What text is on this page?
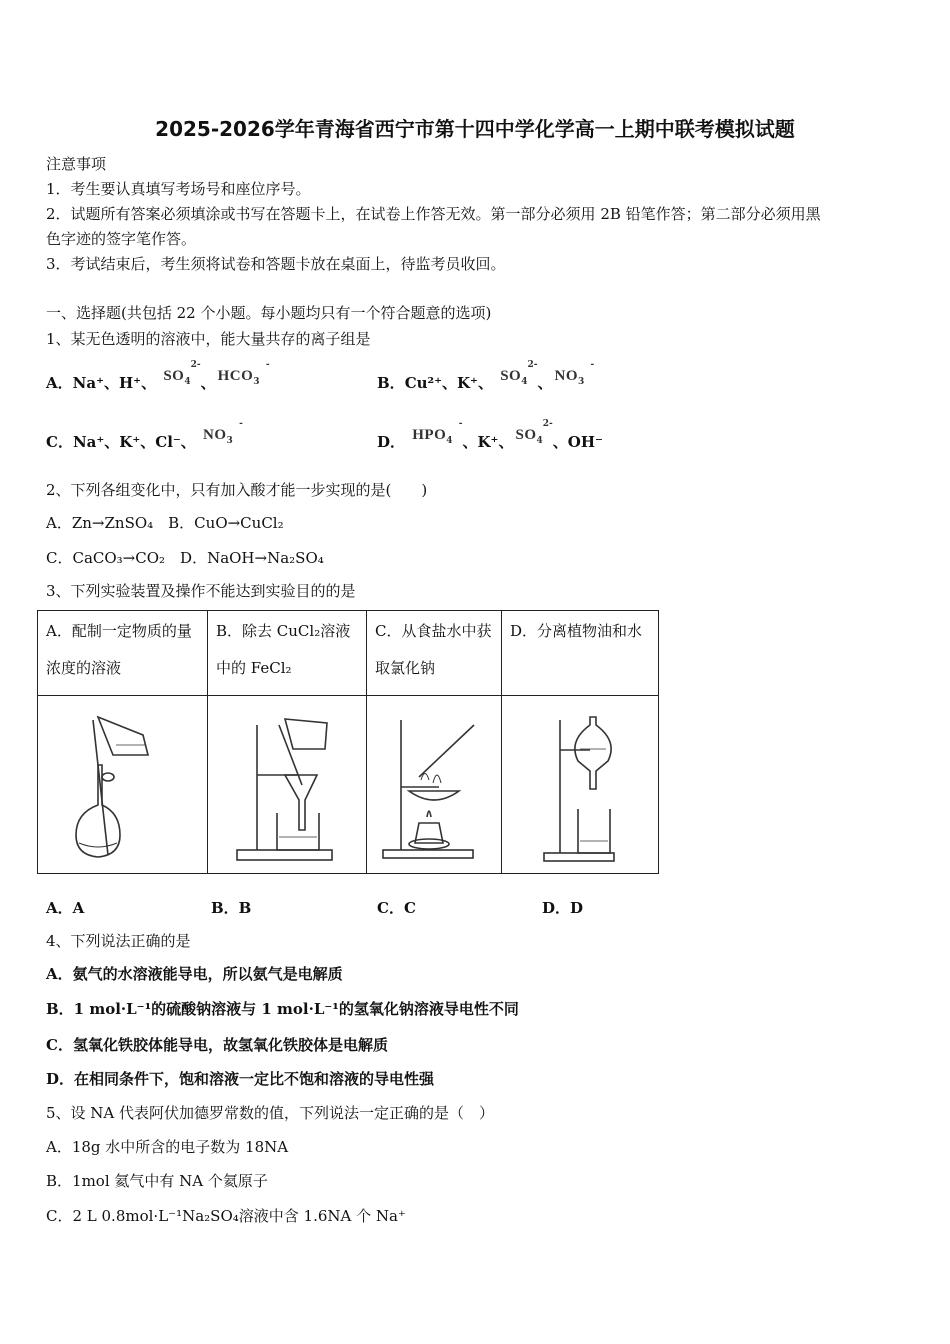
2025-2026学年青海省西宁市第十四中学化学高一上期中联考模拟试题
注意事项
1．考生要认真填写考场号和座位序号。
2．试题所有答案必须填涂或书写在答题卡上，在试卷上作答无效。第一部分必须用 2B 铅笔作答；第二部分必须用黑
色字迹的签字笔作答。
3．考试结束后，考生须将试卷和答题卡放在桌面上，待监考员收回。
一、选择题(共包括 22 个小题。每小题均只有一个符合题意的选项)
1、某无色透明的溶液中，能大量共存的离子组是
A．Na⁺、H⁺、 $SO_4$
2-
、 $HCO_3$
-
B．Cu²⁺、K⁺、 $SO_4$
2-
、 $NO_3$
-
C．Na⁺、K⁺、Cl⁻、 $NO_3$
-
D． $HPO_4$
-
、K⁺、 $SO_4$
2-
、OH⁻
2、下列各组变化中，只有加入酸才能一步实现的是(　　)
A．Zn→ZnSO₄　B．CuO→CuCl₂
C．CaCO₃→CO₂　D．NaOH→Na₂SO₄
3、下列实验装置及操作不能达到实验目的的是
A．配制一定物质的量浓度的溶液	B．除去 CuCl₂溶液中的 FeCl₂	C．从食盐水中获取氯化钠	D．分离植物油和水

A．A	B．B	C．C	D．D
4、下列说法正确的是
A．氨气的水溶液能导电，所以氨气是电解质
B．1 mol·L⁻¹的硫酸钠溶液与 1 mol·L⁻¹的氢氧化钠溶液导电性不同
C．氢氧化铁胶体能导电，故氢氧化铁胶体是电解质
D．在相同条件下，饱和溶液一定比不饱和溶液的导电性强
5、设 NA 代表阿伏加德罗常数的值，下列说法一定正确的是（　）
A．18g 水中所含的电子数为 18NA
B．1mol 氦气中有 NA 个氦原子
C．2 L 0.8mol·L⁻¹Na₂SO₄溶液中含 1.6NA 个 Na⁺
